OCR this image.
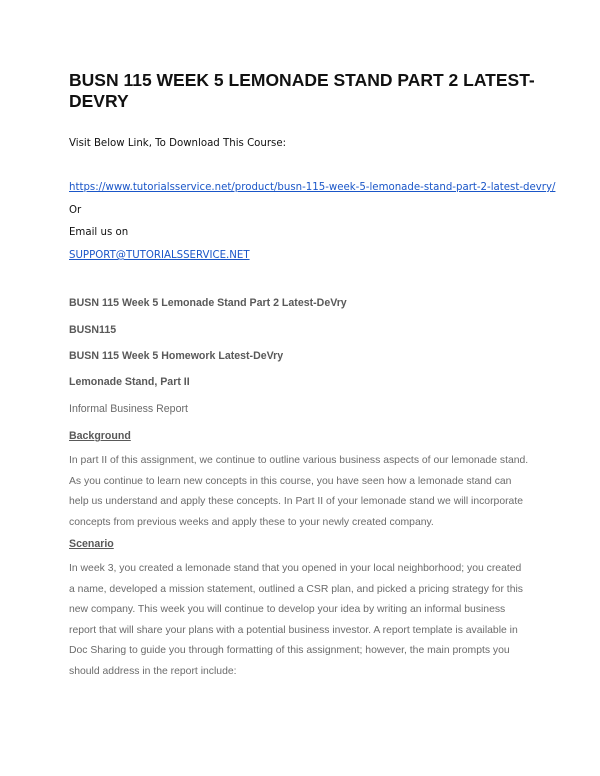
BUSN 115 WEEK 5 LEMONADE STAND PART 2 LATEST-DEVRY
Visit Below Link, To Download This Course:
https://www.tutorialsservice.net/product/busn-115-week-5-lemonade-stand-part-2-latest-devry/
Or
Email us on
SUPPORT@TUTORIALSSERVICE.NET
BUSN 115 Week 5 Lemonade Stand Part 2 Latest-DeVry
BUSN115
BUSN 115 Week 5 Homework Latest-DeVry
Lemonade Stand, Part II
Informal Business Report
Background

In part II of this assignment, we continue to outline various business aspects of our lemonade stand. As you continue to learn new concepts in this course, you have seen how a lemonade stand can help us understand and apply these concepts. In Part II of your lemonade stand we will incorporate concepts from previous weeks and apply these to your newly created company.

Scenario

In week 3, you created a lemonade stand that you opened in your local neighborhood; you created a name, developed a mission statement, outlined a CSR plan, and picked a pricing strategy for this new company. This week you will continue to develop your idea by writing an informal business report that will share your plans with a potential business investor. A report template is available in Doc Sharing to guide you through formatting of this assignment; however, the main prompts you should address in the report include:
